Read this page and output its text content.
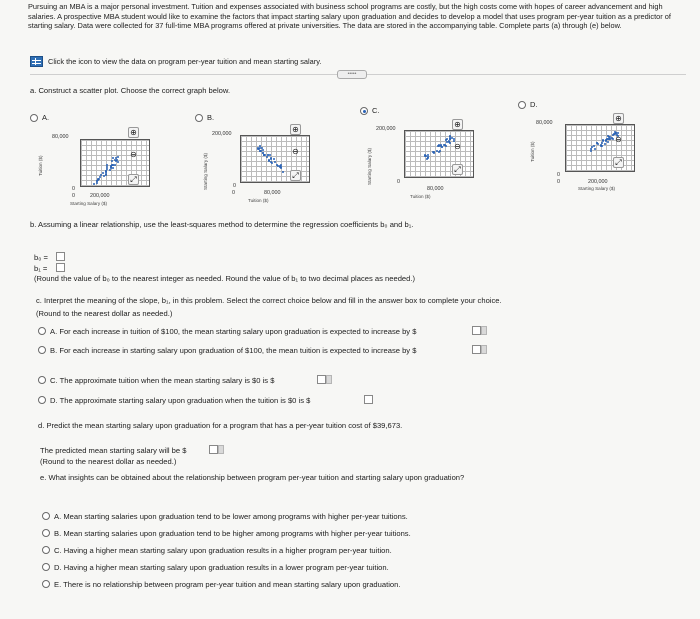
Pursuing an MBA is a major personal investment. Tuition and expenses associated with business school programs are costly, but the high costs come with hopes of career advancement and high salaries. A prospective MBA student would like to examine the factors that impact starting salary upon graduation and decides to develop a model that uses program per-year tuition as a predictor of starting salary. Data were collected for 37 full-time MBA programs offered at private universities. The data are stored in the accompanying table. Complete parts (a) through (e) below.
Click the icon to view the data on program per-year tuition and mean starting salary.
•••••
a. Construct a scatter plot. Choose the correct graph below.
A.
80,000
0
0	200,000
Starting Salary ($)
Tuition ($)
⊕
⊖
⤢
B.
200,000
0
0	80,000
Tuition ($)
Starting Salary ($)
⊕
⊖
⤢
C.
200,000
0
80,000
Tuition ($)
Starting Salary ($)
⊕
⊖
⤢
D.
80,000
0
0	200,000
Starting Salary ($)
Tuition ($)
⊕
⊖
⤢
b. Assuming a linear relationship, use the least-squares method to determine the regression coefficients b₀ and b₁.
b₀ =
b₁ =
(Round the value of b₀ to the nearest integer as needed. Round the value of b₁ to two decimal places as needed.)
c. Interpret the meaning of the slope, b₁, in this problem. Select the correct choice below and fill in the answer box to complete your choice.
(Round to the nearest dollar as needed.)
A. For each increase in tuition of $100, the mean starting salary upon graduation is expected to increase by $
B. For each increase in starting salary upon graduation of $100, the mean tuition is expected to increase by $
C. The approximate tuition when the mean starting salary is $0 is $
D. The approximate starting salary upon graduation when the tuition is $0 is $
d. Predict the mean starting salary upon graduation for a program that has a per-year tuition cost of $39,673.
The predicted mean starting salary will be $
(Round to the nearest dollar as needed.)
e. What insights can be obtained about the relationship between program per-year tuition and starting salary upon graduation?
A. Mean starting salaries upon graduation tend to be lower among programs with higher per-year tuitions.
B. Mean starting salaries upon graduation tend to be higher among programs with higher per-year tuitions.
C. Having a higher mean starting salary upon graduation results in a higher program per-year tuition.
D. Having a higher mean starting salary upon graduation results in a lower program per-year tuition.
E. There is no relationship between program per-year tuition and mean starting salary upon graduation.
